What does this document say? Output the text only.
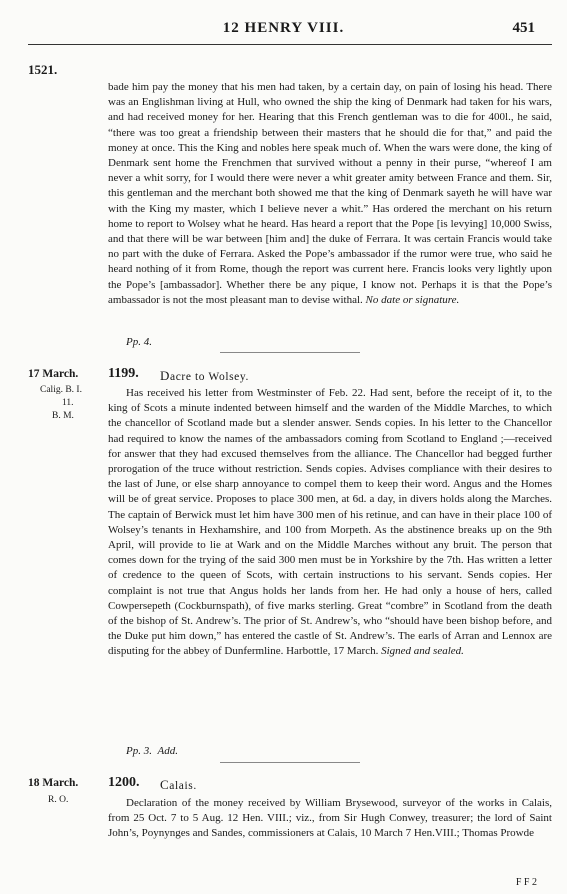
12 HENRY VIII.	451
1521.

bade him pay the money that his men had taken, by a certain day, on pain of losing his head. There was an Englishman living at Hull, who owned the ship the king of Denmark had taken for his wars, and had received money for her. Hearing that this French gentleman was to die for 400l., he said, “there was too great a friendship between their masters that he should die for that,” and paid the money at once. This the King and nobles here speak much of. When the wars were done, the king of Denmark sent home the Frenchmen that survived without a penny in their purse, “whereof I am never a whit sorry, for I would there were never a whit greater amity between France and them. Sir, this gentleman and the merchant both showed me that the king of Denmark sayeth he will have war with the King my master, which I believe never a whit.” Has ordered the merchant on his return home to report to Wolsey what he heard. Has heard a report that the Pope [is levying] 10,000 Swiss, and that there will be war between [him and] the duke of Ferrara. It was certain Francis would take no part with the duke of Ferrara. Asked the Pope’s ambassador if the rumor were true, who said he heard nothing of it from Rome, though the report was current here. Francis looks very lightly upon the Pope’s [ambassador]. Whether there be any pique, I know not. Perhaps it is that the Pope’s ambassador is not the most pleasant man to devise withal. No date or signature.

Pp. 4.
17 March.
Calig. B. I.
11.
B. M.
1199. Dacre to Wolsey.

Has received his letter from Westminster of Feb. 22. Had sent, before the receipt of it, to the king of Scots a minute indented between himself and the warden of the Middle Marches, to which the chancellor of Scotland made but a slender answer. Sends copies. In his letter to the Chancellor had required to know the names of the ambassadors coming from Scotland to England ;—received for answer that they had excused themselves from the alliance. The Chancellor had begged further prorogation of the truce without restriction. Sends copies. Advises compliance with their desires to the last of June, or else sharp annoyance to compel them to keep their word. Angus and the Homes will be of great service. Proposes to place 300 men, at 6d. a day, in divers holds along the Marches. The captain of Berwick must let him have 300 men of his retinue, and can have in their place 100 of Wolsey’s tenants in Hexhamshire, and 100 from Morpeth. As the abstinence breaks up on the 9th April, will provide to lie at Wark and on the Middle Marches without any bruit. The person that comes down for the trying of the said 300 men must be in Yorkshire by the 7th. Has written a letter of credence to the queen of Scots, with certain instructions to his servant. Sends copies. Her complaint is not true that Angus holds her lands from her. He had only a house of hers, called Cowpersepeth (Cockburnspath), of five marks sterling. Great “combre” in Scotland from the death of the bishop of St. Andrew’s. The prior of St. Andrew’s, who “should have been bishop before, and the Duke put him down,” has entered the castle of St. Andrew’s. The earls of Arran and Lennox are disputing for the abbey of Dunfermline. Harbottle, 17 March. Signed and sealed.

Pp. 3. Add.
18 March.
R. O.
1200. Calais.

Declaration of the money received by William Brysewood, surveyor of the works in Calais, from 25 Oct. 7 to 5 Aug. 12 Hen. VIII.; viz., from Sir Hugh Conwey, treasurer; the lord of Saint John’s, Poynynges and Sandes, commissioners at Calais, 10 March 7 Hen.VIII.; Thomas Prowde

F F 2
